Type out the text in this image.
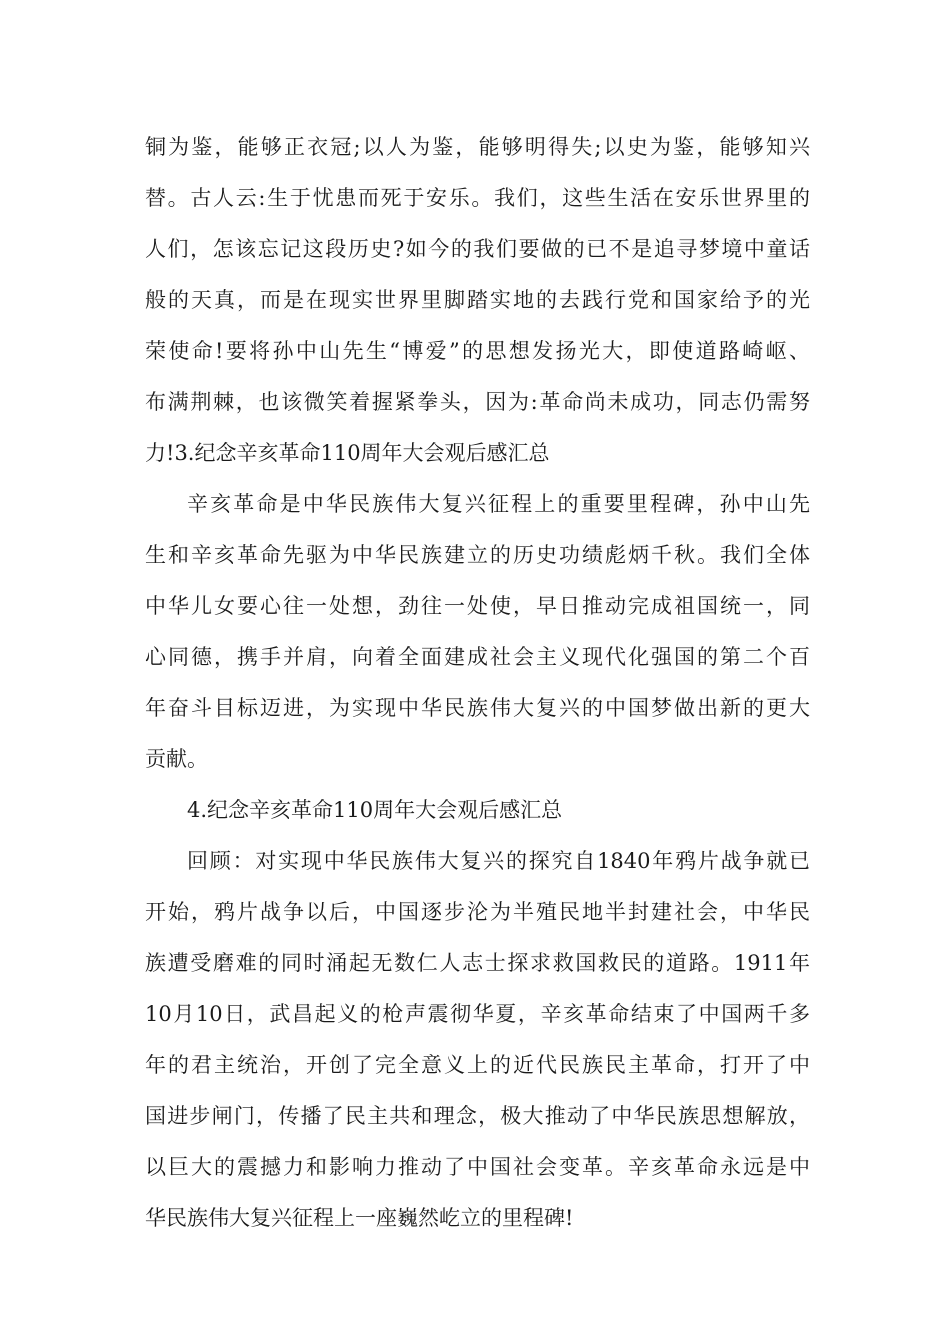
铜为鉴，能够正衣冠;以人为鉴，能够明得失;以史为鉴，能够知兴
替。古人云:生于忧患而死于安乐。我们，这些生活在安乐世界里的
人们，怎该忘记这段历史?如今的我们要做的已不是追寻梦境中童话
般的天真，而是在现实世界里脚踏实地的去践行党和国家给予的光
荣使命!要将孙中山先生“博爱”的思想发扬光大，即使道路崎岖、
布满荆棘，也该微笑着握紧拳头，因为:革命尚未成功，同志仍需努
力!3.纪念辛亥革命110周年大会观后感汇总
辛亥革命是中华民族伟大复兴征程上的重要里程碑，孙中山先
生和辛亥革命先驱为中华民族建立的历史功绩彪炳千秋。我们全体
中华儿女要心往一处想，劲往一处使，早日推动完成祖国统一，同
心同德，携手并肩，向着全面建成社会主义现代化强国的第二个百
年奋斗目标迈进，为实现中华民族伟大复兴的中国梦做出新的更大
贡献。
4.纪念辛亥革命110周年大会观后感汇总
回顾：对实现中华民族伟大复兴的探究自1840年鸦片战争就已
开始，鸦片战争以后，中国逐步沦为半殖民地半封建社会，中华民
族遭受磨难的同时涌起无数仁人志士探求救国救民的道路。1911年
10月10日，武昌起义的枪声震彻华夏，辛亥革命结束了中国两千多
年的君主统治，开创了完全意义上的近代民族民主革命，打开了中
国进步闸门，传播了民主共和理念，极大推动了中华民族思想解放，
以巨大的震撼力和影响力推动了中国社会变革。辛亥革命永远是中
华民族伟大复兴征程上一座巍然屹立的里程碑!
